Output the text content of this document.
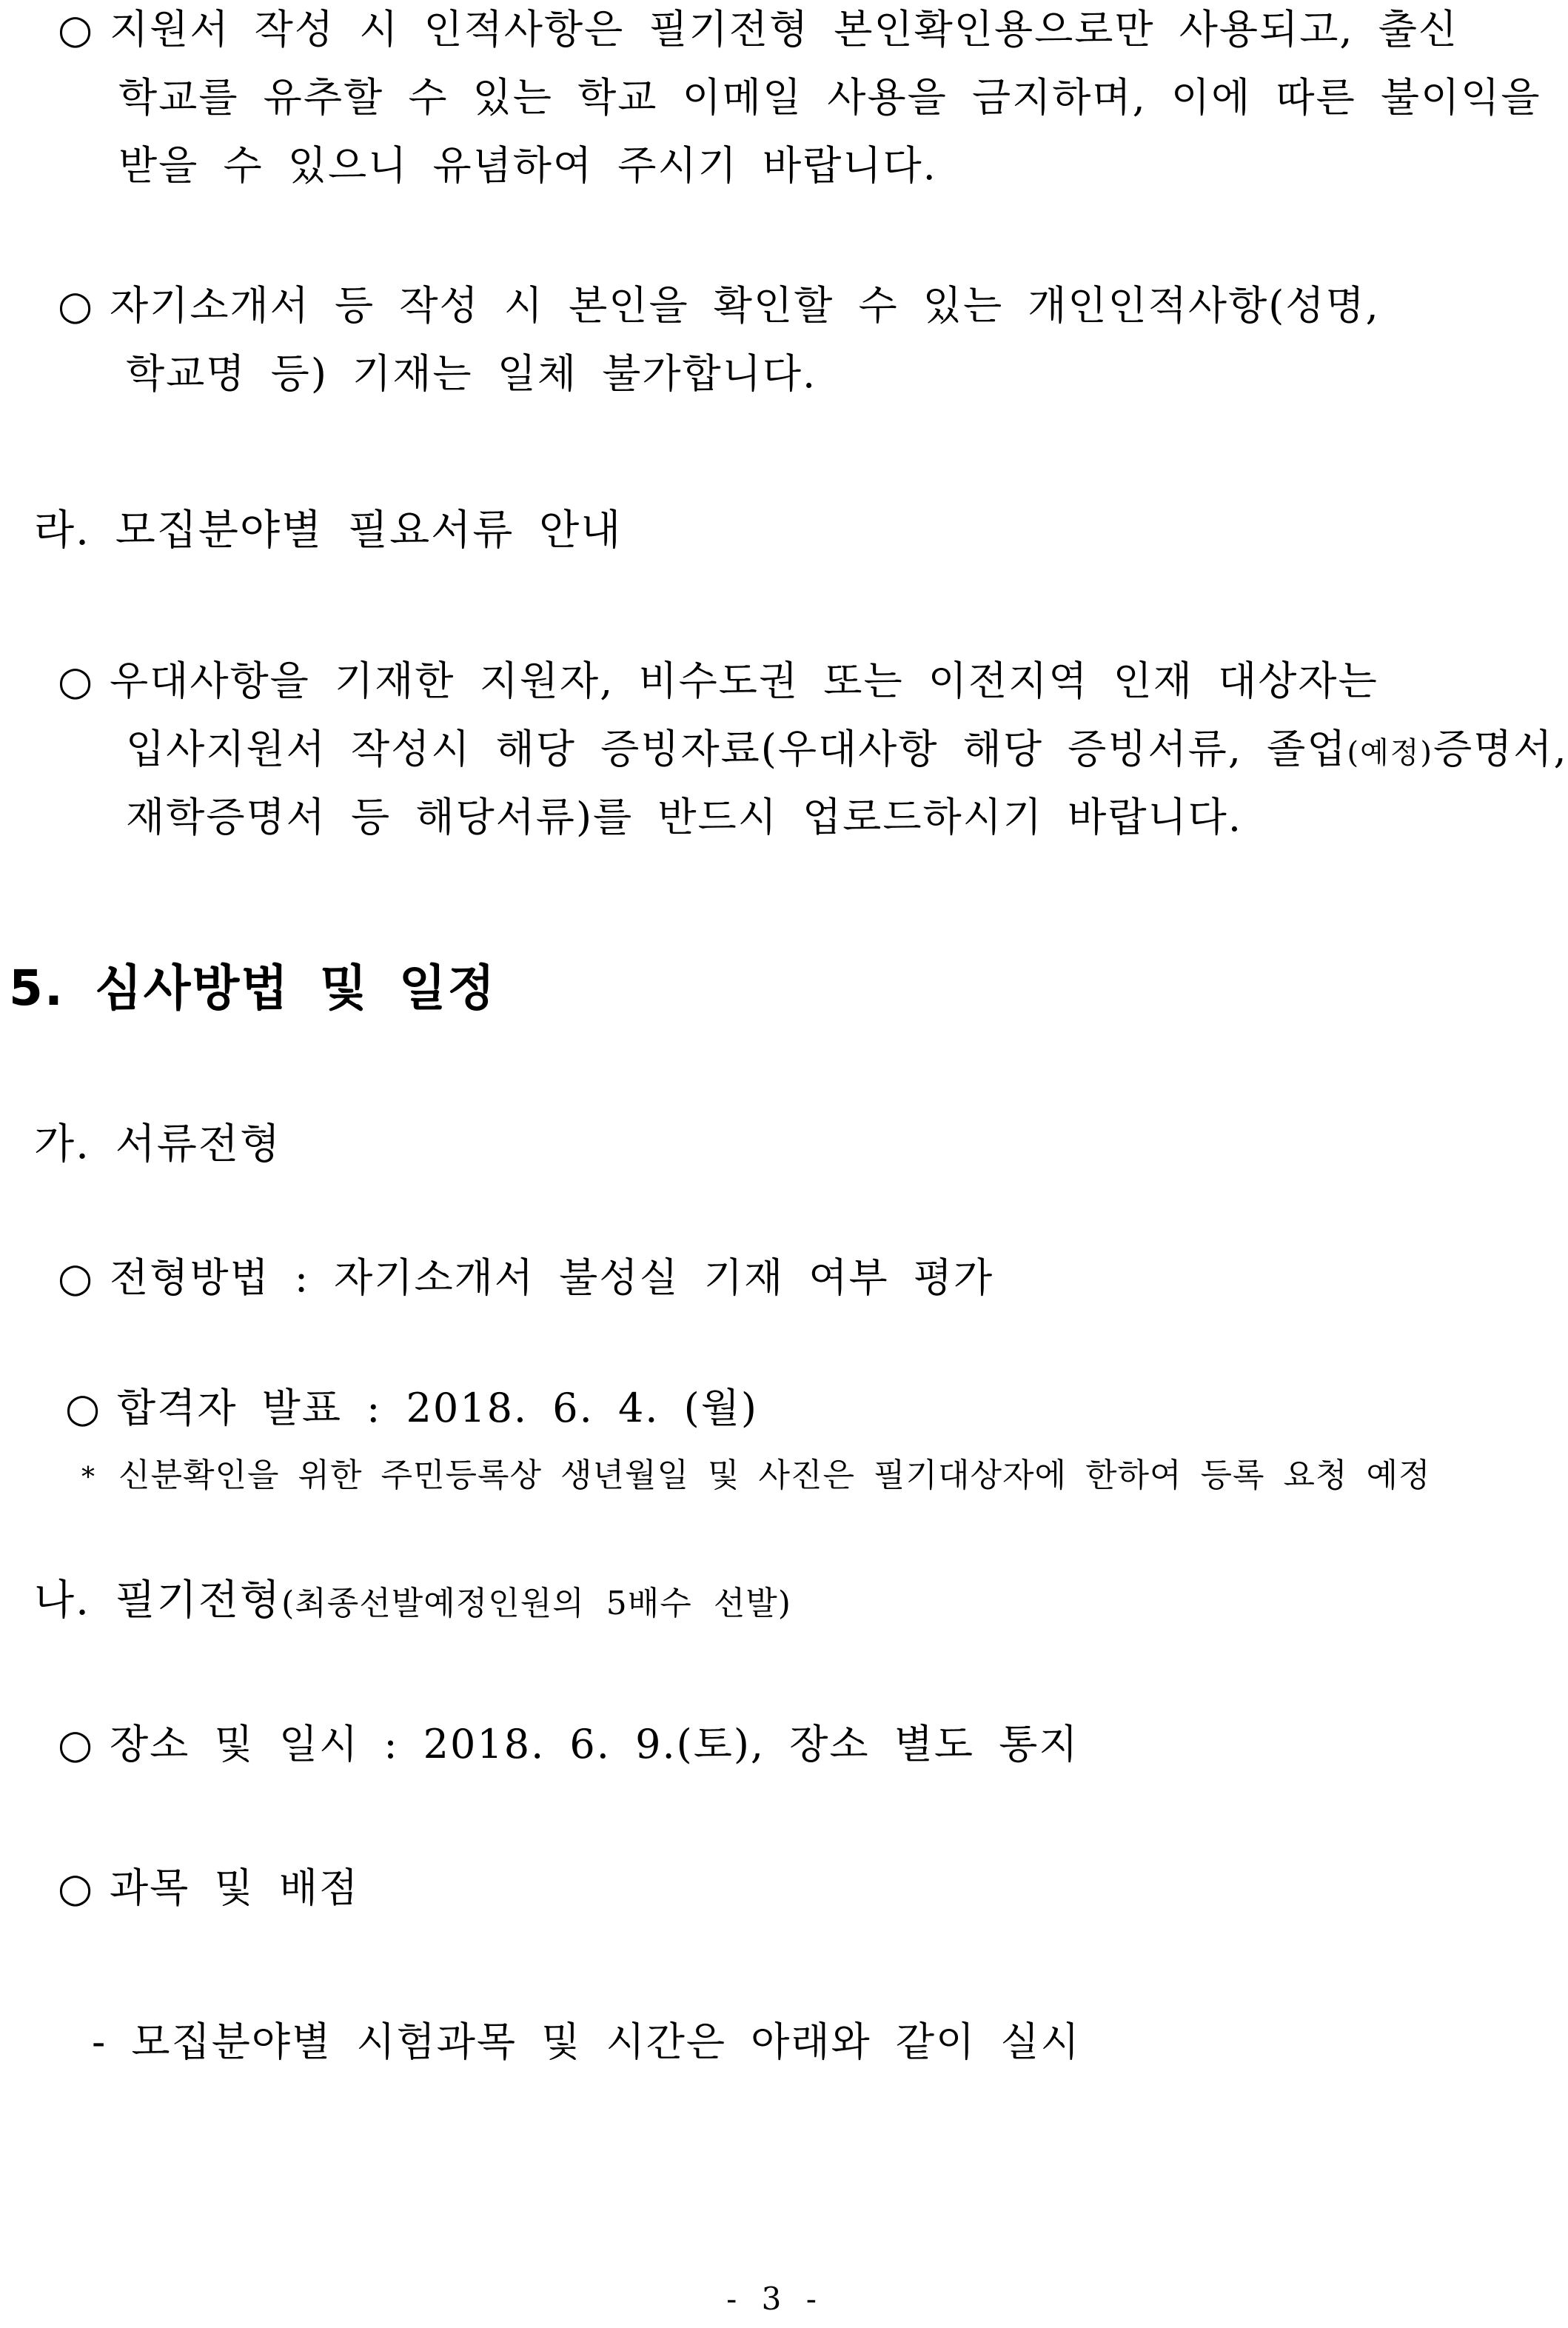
○ 지원서 작성 시 인적사항은 필기전형 본인확인용으로만 사용되고, 출신
학교를 유추할 수 있는 학교 이메일 사용을 금지하며, 이에 따른 불이익을
받을 수 있으니 유념하여 주시기 바랍니다.
○ 자기소개서 등 작성 시 본인을 확인할 수 있는 개인인적사항(성명,
학교명 등) 기재는 일체 불가합니다.
라. 모집분야별 필요서류 안내
○ 우대사항을 기재한 지원자, 비수도권 또는 이전지역 인재 대상자는
입사지원서 작성시 해당 증빙자료(우대사항 해당 증빙서류, 졸업(예정)증명서,
재학증명서 등 해당서류)를 반드시 업로드하시기 바랍니다.
5. 심사방법 및 일정
가. 서류전형
○ 전형방법 : 자기소개서 불성실 기재 여부 평가
○ 합격자 발표 : 2018. 6. 4. (월)
* 신분확인을 위한 주민등록상 생년월일 및 사진은 필기대상자에 한하여 등록 요청 예정
나. 필기전형(최종선발예정인원의 5배수 선발)
○ 장소 및 일시 : 2018. 6. 9.(토), 장소 별도 통지
○ 과목 및 배점
- 모집분야별 시험과목 및 시간은 아래와 같이 실시
- 3 -
